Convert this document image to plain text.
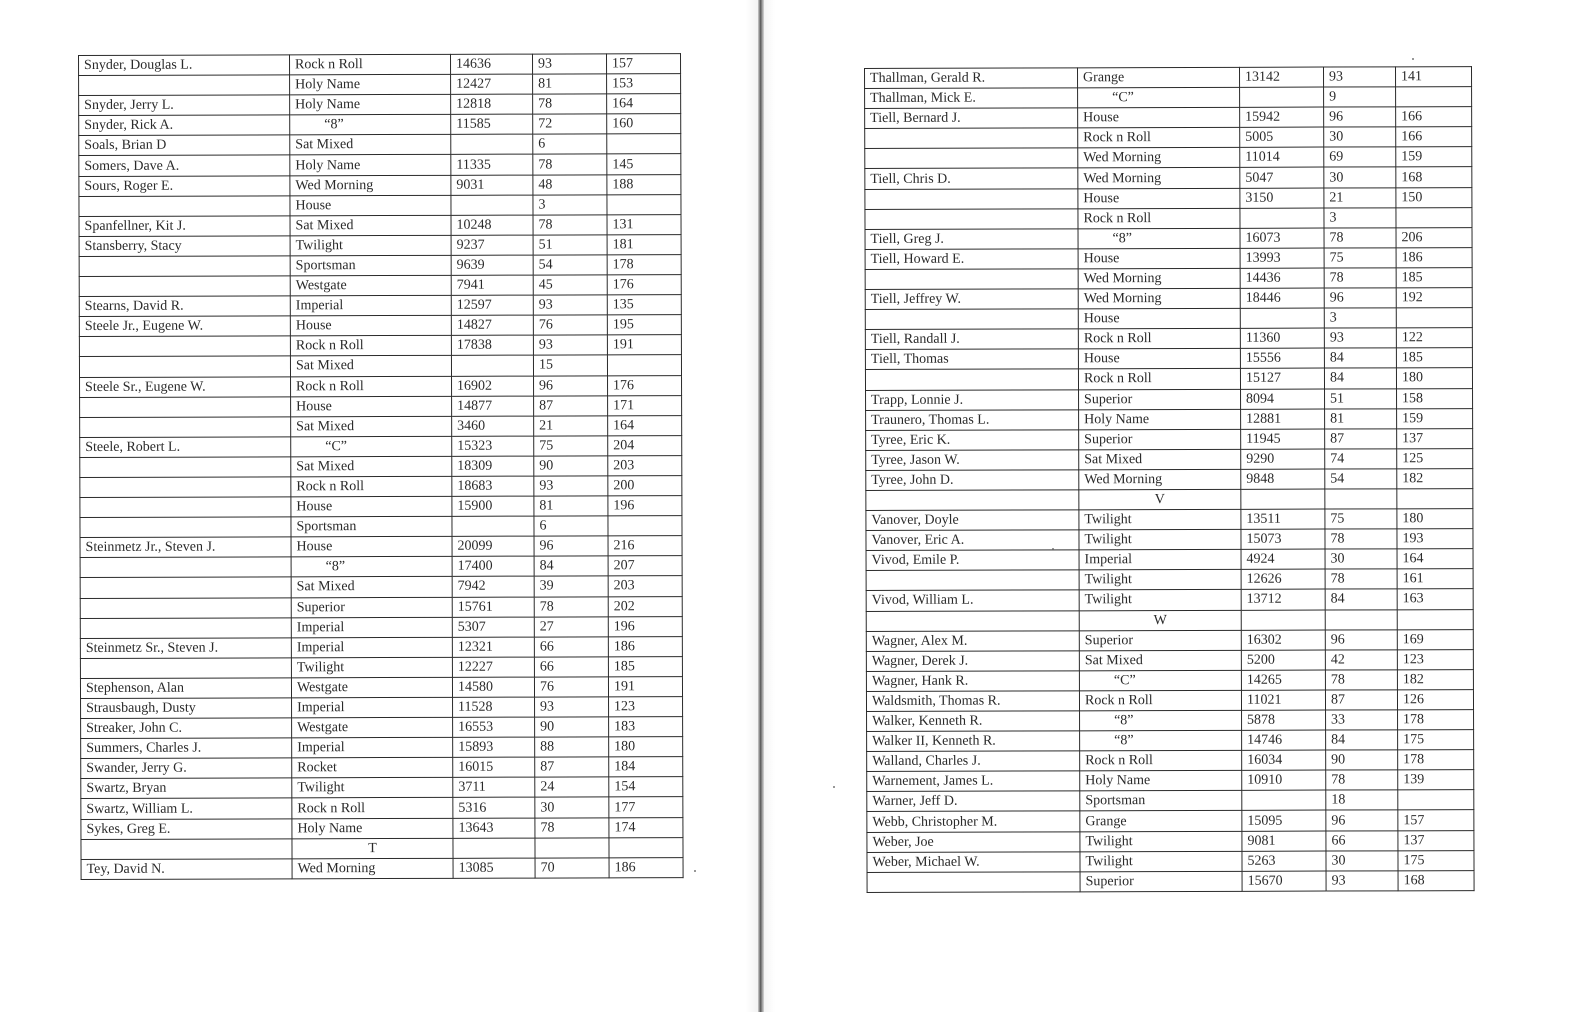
Snyder, Douglas L.	Rock n Roll	14636	93	157
	Holy Name	12427	81	153
Snyder, Jerry L.	Holy Name	12818	78	164
Snyder, Rick A.	“8”	11585	72	160
Soals, Brian D	Sat Mixed		6	
Somers, Dave A.	Holy Name	11335	78	145
Sours, Roger E.	Wed Morning	9031	48	188
	House		3	
Spanfellner, Kit J.	Sat Mixed	10248	78	131
Stansberry, Stacy	Twilight	9237	51	181
	Sportsman	9639	54	178
	Westgate	7941	45	176
Stearns, David R.	Imperial	12597	93	135
Steele Jr., Eugene W.	House	14827	76	195
	Rock n Roll	17838	93	191
	Sat Mixed		15	
Steele Sr., Eugene W.	Rock n Roll	16902	96	176
	House	14877	87	171
	Sat Mixed	3460	21	164
Steele, Robert L.	“C”	15323	75	204
	Sat Mixed	18309	90	203
	Rock n Roll	18683	93	200
	House	15900	81	196
	Sportsman		6	
Steinmetz Jr., Steven J.	House	20099	96	216
	“8”	17400	84	207
	Sat Mixed	7942	39	203
	Superior	15761	78	202
	Imperial	5307	27	196
Steinmetz Sr., Steven J.	Imperial	12321	66	186
	Twilight	12227	66	185
Stephenson, Alan	Westgate	14580	76	191
Strausbaugh, Dusty	Imperial	11528	93	123
Streaker, John C.	Westgate	16553	90	183
Summers, Charles J.	Imperial	15893	88	180
Swander, Jerry G.	Rocket	16015	87	184
Swartz, Bryan	Twilight	3711	24	154
Swartz, William L.	Rock n Roll	5316	30	177
Sykes, Greg E.	Holy Name	13643	78	174
	T			
Tey, David N.	Wed Morning	13085	70	186
Thallman, Gerald R.	Grange	13142	93	141
Thallman, Mick E.	“C”		9	
Tiell, Bernard J.	House	15942	96	166
	Rock n Roll	5005	30	166
	Wed Morning	11014	69	159
Tiell, Chris D.	Wed Morning	5047	30	168
	House	3150	21	150
	Rock n Roll		3	
Tiell, Greg J.	“8”	16073	78	206
Tiell, Howard E.	House	13993	75	186
	Wed Morning	14436	78	185
Tiell, Jeffrey W.	Wed Morning	18446	96	192
	House		3	
Tiell, Randall J.	Rock n Roll	11360	93	122
Tiell, Thomas	House	15556	84	185
	Rock n Roll	15127	84	180
Trapp, Lonnie J.	Superior	8094	51	158
Traunero, Thomas L.	Holy Name	12881	81	159
Tyree, Eric K.	Superior	11945	87	137
Tyree, Jason W.	Sat Mixed	9290	74	125
Tyree, John D.	Wed Morning	9848	54	182
	V			
Vanover, Doyle	Twilight	13511	75	180
Vanover, Eric A.	Twilight	15073	78	193
Vivod, Emile P.	Imperial	4924	30	164
	Twilight	12626	78	161
Vivod, William L.	Twilight	13712	84	163
	W			
Wagner, Alex M.	Superior	16302	96	169
Wagner, Derek J.	Sat Mixed	5200	42	123
Wagner, Hank R.	“C”	14265	78	182
Waldsmith, Thomas R.	Rock n Roll	11021	87	126
Walker, Kenneth R.	“8”	5878	33	178
Walker II, Kenneth R.	“8”	14746	84	175
Walland, Charles J.	Rock n Roll	16034	90	178
Warnement, James L.	Holy Name	10910	78	139
Warner, Jeff D.	Sportsman		18	
Webb, Christopher M.	Grange	15095	96	157
Weber, Joe	Twilight	9081	66	137
Weber, Michael W.	Twilight	5263	30	175
	Superior	15670	93	168
